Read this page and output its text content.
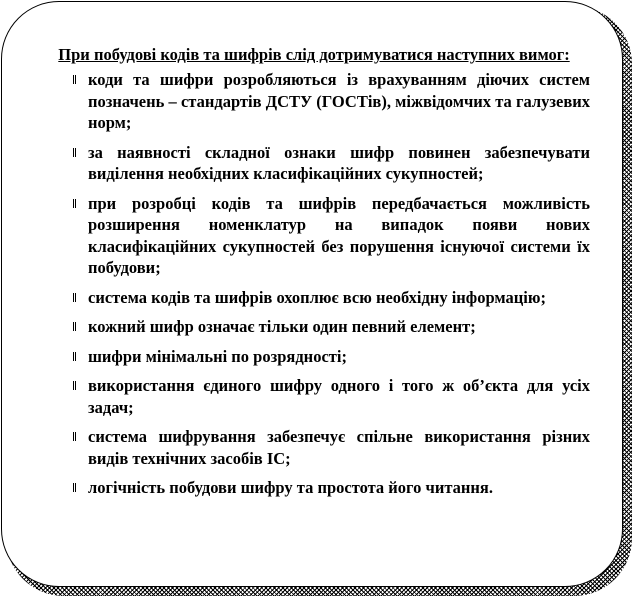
При побудові кодів та шифрів слід дотримуватися наступних вимог:
коди та шифри розробляються із врахуванням діючих систем позначень – стандартів ДСТУ (ГОСТів), міжвідомчих та галузевих норм;
за наявності складної ознаки шифр повинен забезпечувати виділення необхідних класифікаційних сукупностей;
при розробці кодів та шифрів передбачається можливість розширення номенклатур на випадок появи нових класифікаційних сукупностей без порушення існуючої системи їх побудови;
система кодів та шифрів охоплює всю необхідну інформацію;
кожний шифр означає тільки один певний елемент;
шифри мінімальні по розрядності;
використання єдиного шифру одного і того ж об’єкта для усіх задач;
система шифрування забезпечує спільне використання різних видів технічних засобів ІС;
логічність побудови шифру та простота його читання.
